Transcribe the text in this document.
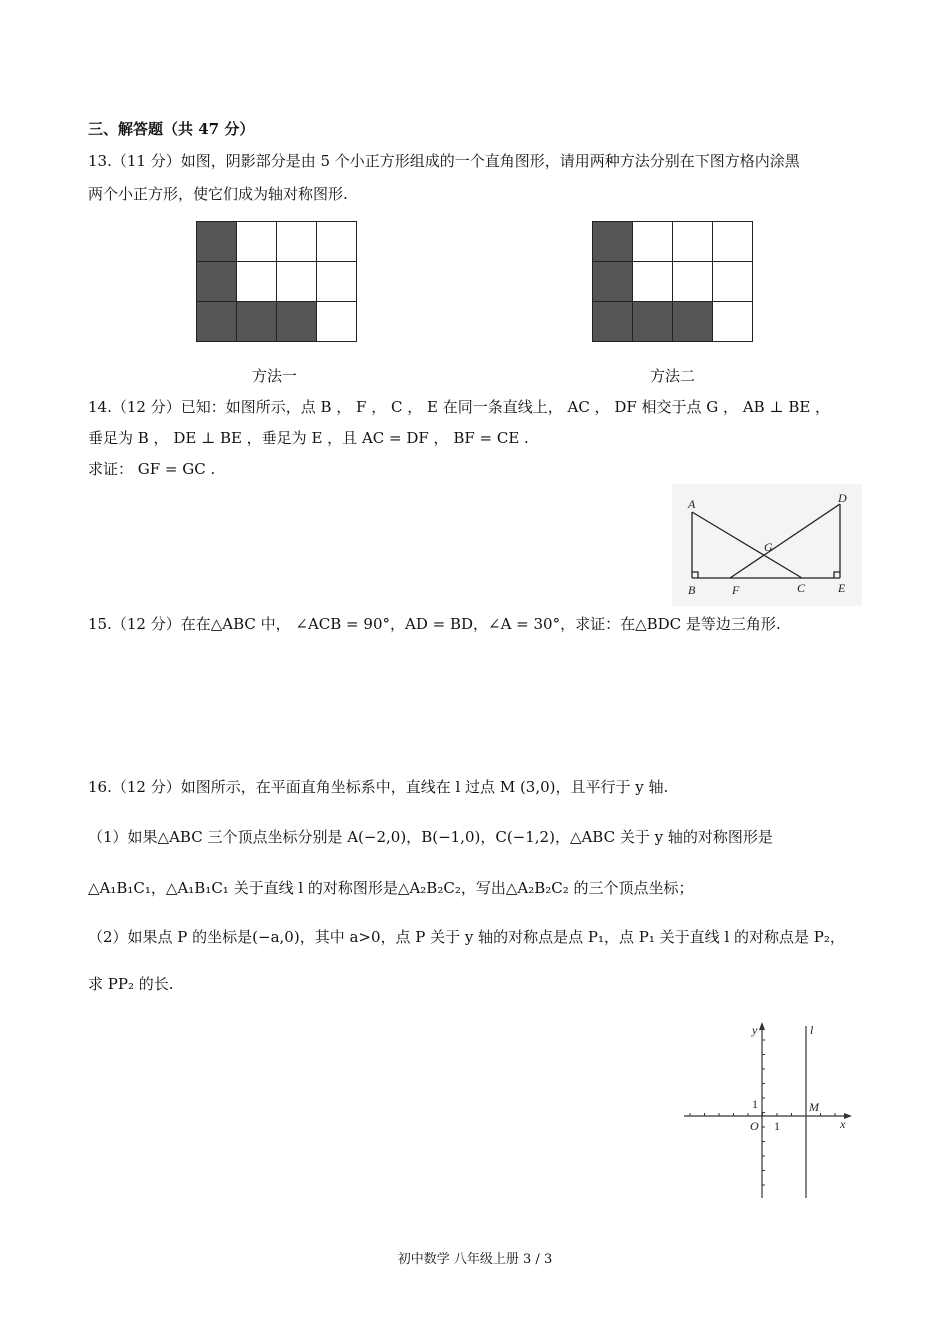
三、解答题（共 47 分）
13.（11 分）如图，阴影部分是由 5 个小正方形组成的一个直角图形，请用两种方法分别在下图方格内涂黑
两个小正方形，使它们成为轴对称图形.

方法一	方法二
14.（12 分）已知：如图所示，点 B ， F ， C ， E 在同一条直线上， AC ， DF 相交于点 G ， AB ⊥ BE ，
垂足为 B ， DE ⊥ BE ，垂足为 E ，且 AC = DF ， BF = CE .
求证： GF = GC .
A
B	C
D
E
F
G
15.（12 分）在在△ABC 中， ∠ACB = 90°，AD = BD，∠A = 30°，求证：在△BDC 是等边三角形.
16.（12 分）如图所示，在平面直角坐标系中，直线在 l 过点 M (3,0)，且平行于 y 轴.
（1）如果△ABC 三个顶点坐标分别是 A(−2,0)，B(−1,0)，C(−1,2)，△ABC 关于 y 轴的对称图形是
△A₁B₁C₁，△A₁B₁C₁ 关于直线 l 的对称图形是△A₂B₂C₂，写出△A₂B₂C₂ 的三个顶点坐标；
（2）如果点 P 的坐标是(−a,0)，其中 a>0，点 P 关于 y 轴的对称点是点 P₁，点 P₁ 关于直线 l 的对称点是 P₂，
求 PP₂ 的长.
y	l
1	M
O 1	x
初中数学 八年级上册 3 / 3
